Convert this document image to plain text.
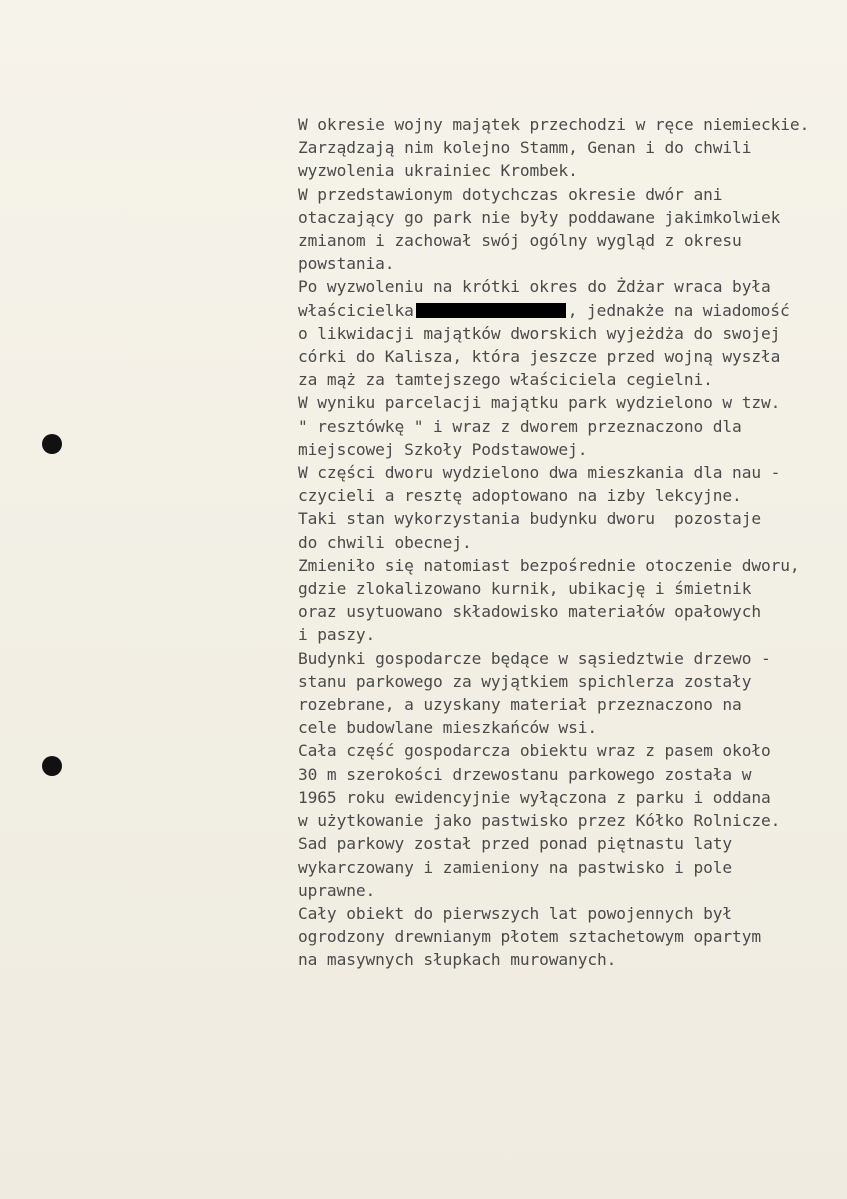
W okresie wojny majątek przechodzi w ręce niemieckie.
Zarządzają nim kolejno Stamm, Genan i do chwili
wyzwolenia ukrainiec Krombek.
W przedstawionym dotychczas okresie dwór ani
otaczający go park nie były poddawane jakimkolwiek
zmianom i zachował swój ogólny wygląd z okresu
powstania.
Po wyzwoleniu na krótki okres do Żdżar wraca była
właścicielka	, jednakże na wiadomość
o likwidacji majątków dworskich wyjeżdża do swojej
córki do Kalisza, która jeszcze przed wojną wyszła
za mąż za tamtejszego właściciela cegielni.
W wyniku parcelacji majątku park wydzielono w tzw.
" resztówkę " i wraz z dworem przeznaczono dla
miejscowej Szkoły Podstawowej.
W części dworu wydzielono dwa mieszkania dla nau -
czycieli a resztę adoptowano na izby lekcyjne.
Taki stan wykorzystania budynku dworu  pozostaje
do chwili obecnej.
Zmieniło się natomiast bezpośrednie otoczenie dworu,
gdzie zlokalizowano kurnik, ubikację i śmietnik
oraz usytuowano składowisko materiałów opałowych
i paszy.
Budynki gospodarcze będące w sąsiedztwie drzewo -
stanu parkowego za wyjątkiem spichlerza zostały
rozebrane, a uzyskany materiał przeznaczono na
cele budowlane mieszkańców wsi.
Cała część gospodarcza obiektu wraz z pasem około
30 m szerokości drzewostanu parkowego została w
1965 roku ewidencyjnie wyłączona z parku i oddana
w użytkowanie jako pastwisko przez Kółko Rolnicze.
Sad parkowy został przed ponad piętnastu laty
wykarczowany i zamieniony na pastwisko i pole
uprawne.
Cały obiekt do pierwszych lat powojennych był
ogrodzony drewnianym płotem sztachetowym opartym
na masywnych słupkach murowanych.
